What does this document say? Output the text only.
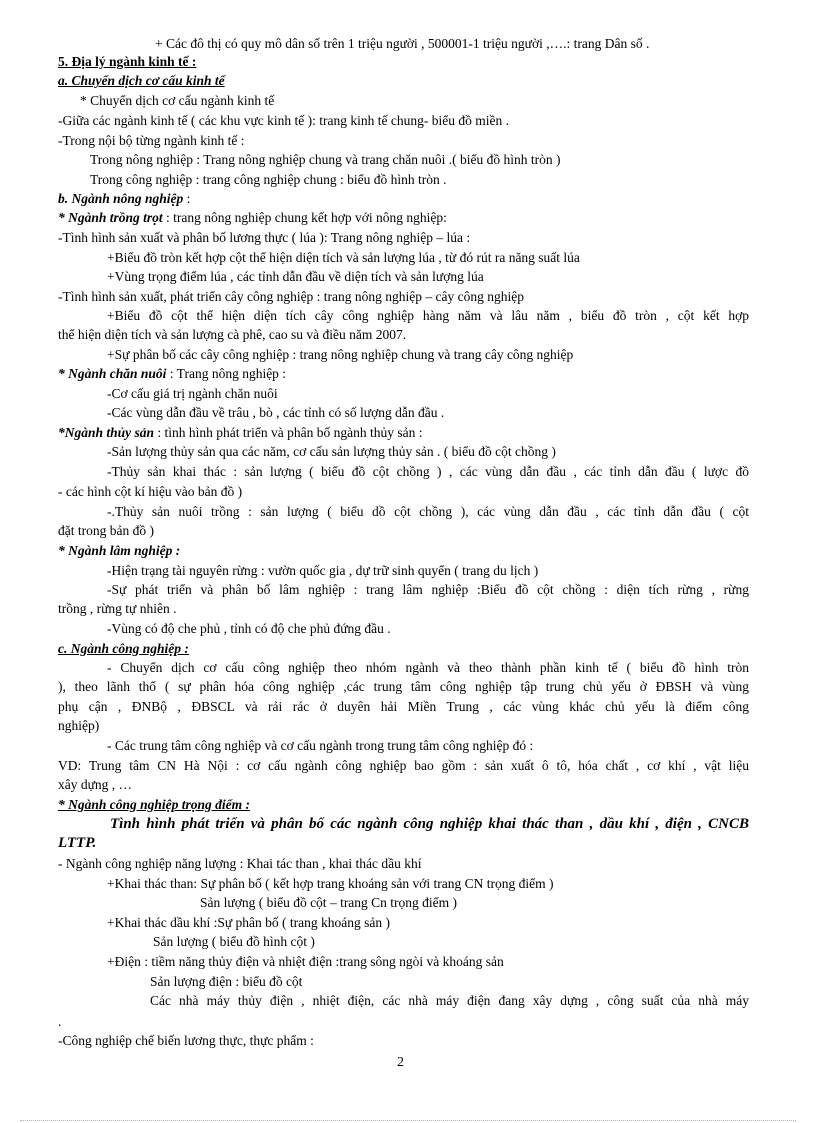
+ Các đô thị có quy mô dân số trên 1 triệu người , 500001-1 triệu người ,….: trang Dân số .
5. Địa lý ngành kinh tế :
a. Chuyển dịch cơ cấu kinh tế
* Chuyển dịch cơ cấu ngành kinh tế
-Giữa các ngành kinh tế ( các khu vực kinh tế ): trang kinh tế chung- biểu đồ miền .
-Trong nội bộ từng ngành kinh tế :
Trong nông nghiệp : Trang nông nghiệp chung và trang chăn nuôi .( biểu đồ hình tròn )
Trong công nghiệp : trang công nghiệp chung : biểu đồ hình tròn .
b. Ngành nông nghiệp :
* Ngành trồng trọt : trang nông nghiệp chung kết hợp với nông nghiệp:
-Tình hình sản xuất và phân bố lương thực ( lúa ): Trang nông nghiệp – lúa :
+Biểu đồ tròn kết hợp cột thể hiện diện tích và sản lượng lúa , từ đó rút ra năng suất lúa
+Vùng trọng điểm lúa , các tỉnh dẫn đầu về diện tích và sản lượng lúa
-Tình hình sản xuất, phát triển cây công nghiệp : trang nông nghiệp – cây công nghiệp
+Biểu đồ cột thể hiện diện tích cây công nghiệp hàng năm và lâu năm , biểu đồ tròn , cột kết hợp
thể hiện diện tích và sản lượng cà phê, cao su và điều năm 2007.
+Sự phân bố các cây công nghiệp : trang nông nghiệp chung và trang cây công nghiệp
* Ngành chăn nuôi : Trang nông nghiệp :
-Cơ cấu giá trị ngành chăn nuôi
-Các vùng dẫn đầu về trâu , bò , các tỉnh có số lượng dẫn đầu .
*Ngành thủy sản : tình hình phát triển và phân bố ngành thủy sản :
-Sản lượng thủy sản qua các năm, cơ cấu sản lượng thủy sản . ( biểu đồ cột chồng )
-Thủy sản khai thác : sản lượng ( biểu đồ cột chồng ) , các vùng dẫn đầu , các tỉnh dẫn đầu ( lược đồ
- các hình cột kí hiệu vào bản đồ )
-.Thủy sản nuôi trồng : sản lượng ( biểu dồ cột chồng ), các vùng dẫn đầu , các tỉnh dẫn đầu ( cột
đặt trong bản đồ )
* Ngành lâm nghiệp :
-Hiện trạng tài nguyên rừng : vườn quốc gia , dự trữ sinh quyển ( trang du lịch )
-Sự phát triển và phân bố lâm nghiệp : trang lâm nghiệp :Biểu đồ cột chồng : diện tích rừng , rừng
trồng , rừng tự nhiên .
-Vùng có độ che phủ , tỉnh có độ che phủ đứng đầu .
c. Ngành công nghiệp :
- Chuyển dịch cơ cấu công nghiệp theo nhóm ngành và theo thành phần kinh tế ( biểu đồ hình tròn
), theo lãnh thổ ( sự phân hóa công nghiệp ,các trung tâm công nghiệp tập trung chủ yếu ở ĐBSH và vùng
phụ cận , ĐNBộ , ĐBSCL và rải rác ở duyên hải Miền Trung , các vùng khác chủ yếu là điểm công
nghiệp)
- Các trung tâm công nghiệp và cơ cấu ngành trong trung tâm công nghiệp đó :
VD: Trung tâm CN Hà Nội : cơ cấu ngành công nghiệp bao gồm : sản xuất ô tô, hóa chất , cơ khí , vật liệu
xây dựng , …
* Ngành công nghiệp trọng điểm :
Tình hình phát triển và phân bố các ngành công nghiệp khai thác than , dầu khí , điện , CNCB
LTTP.
- Ngành công nghiệp năng lượng : Khai tác than , khai thác dầu khí
+Khai thác than: Sự phân bố ( kết hợp trang khoáng sản với trang CN trọng điểm )
Sản lượng ( biểu đồ cột – trang Cn trọng điểm )
+Khai thác dầu khí :Sự phân bố ( trang khoáng sản )
Sản lượng ( biểu đồ hình cột )
+Điện : tiềm năng thủy điện và nhiệt điện :trang sông ngòi và khoáng sản
Sản lượng điện : biểu đồ cột
Các nhà máy thủy điện , nhiệt điện, các nhà máy điện đang xây dựng , công suất của nhà máy
.
-Công nghiệp chế biến lương thực, thực phẩm :
2
